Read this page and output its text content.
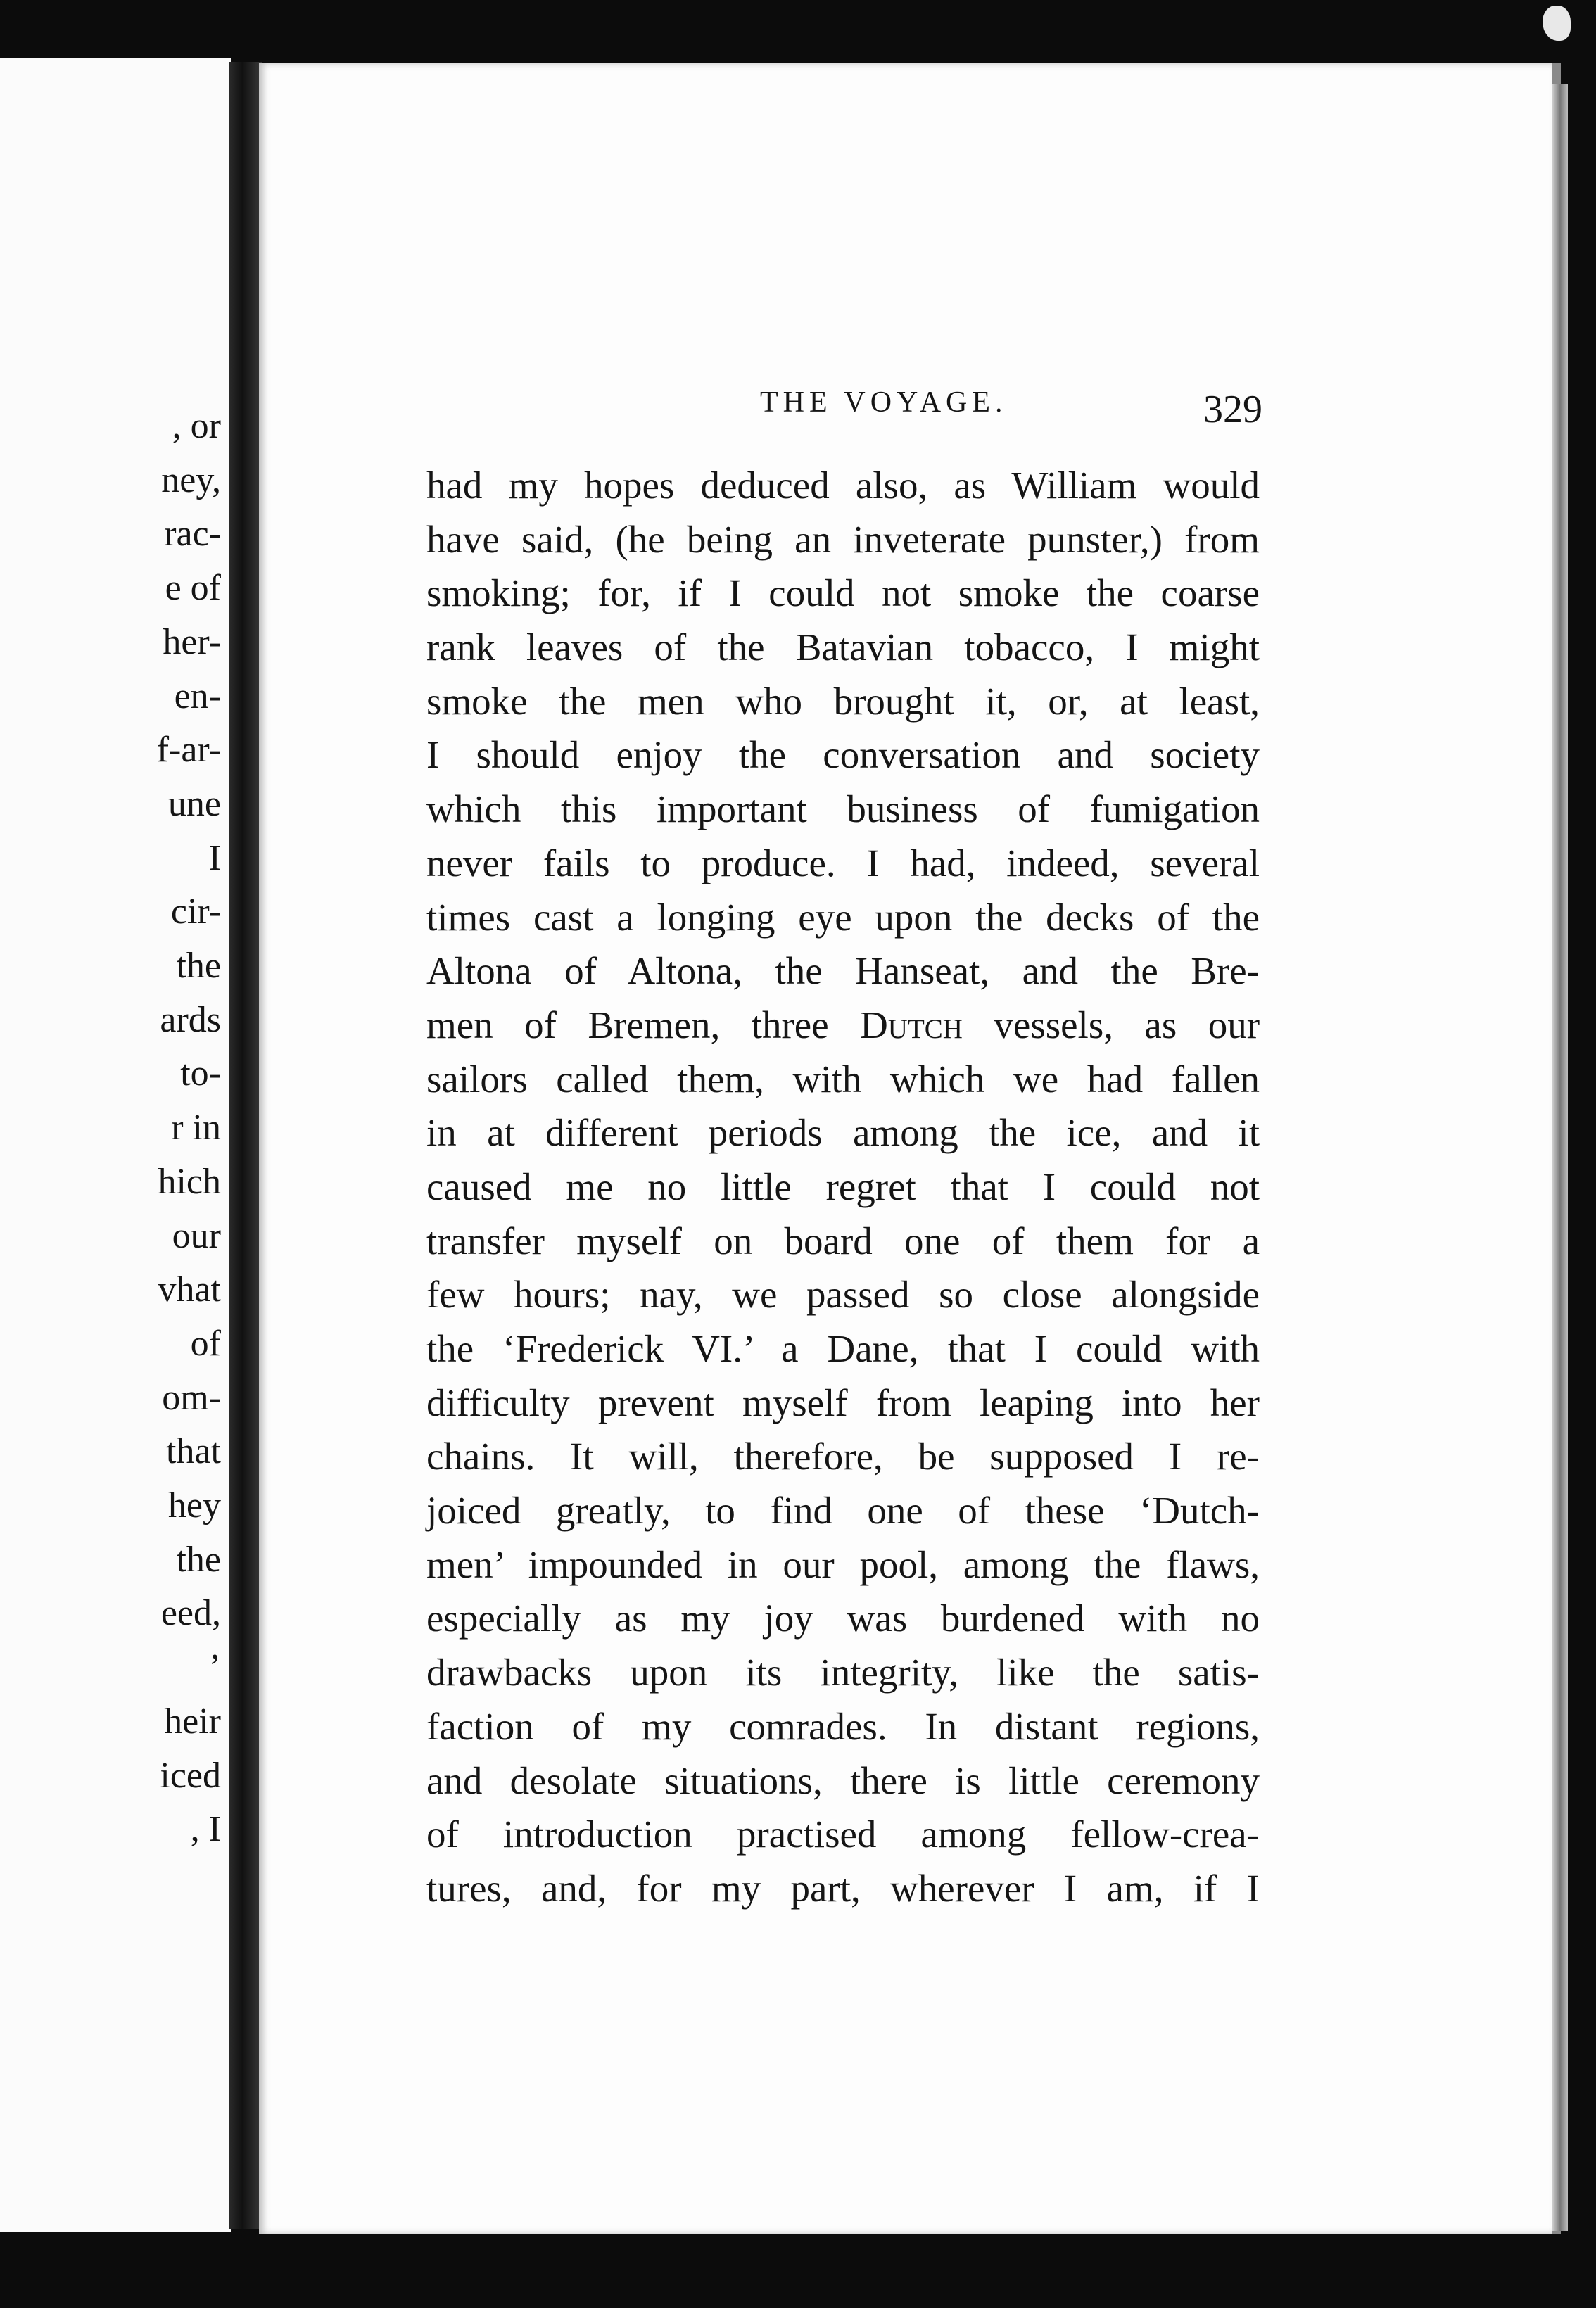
, or
ney,
rac-
e of
her-
en-
f-ar-
une
I
cir-
the
ards
to-
r in
hich
our
vhat
of
om-
that
hey
the
eed,
’
heir
iced
, I
THE VOYAGE.	329
had my hopes deduced also, as William would
have said, (he being an inveterate punster,) from
smoking; for, if I could not smoke the coarse
rank leaves of the Batavian tobacco, I might
smoke the men who brought it, or, at least,
I should enjoy the conversation and society
which this important business of fumigation
never fails to produce. I had, indeed, several
times cast a longing eye upon the decks of the
Altona of Altona, the Hanseat, and the Bre-
men of Bremen, three Dutch vessels, as our
sailors called them, with which we had fallen
in at different periods among the ice, and it
caused me no little regret that I could not
transfer myself on board one of them for a
few hours; nay, we passed so close alongside
the ‘Frederick VI.’ a Dane, that I could with
difficulty prevent myself from leaping into her
chains. It will, therefore, be supposed I re-
joiced greatly, to find one of these ‘Dutch-
men’ impounded in our pool, among the flaws,
especially as my joy was burdened with no
drawbacks upon its integrity, like the satis-
faction of my comrades. In distant regions,
and desolate situations, there is little ceremony
of introduction practised among fellow-crea-
tures, and, for my part, wherever I am, if I
